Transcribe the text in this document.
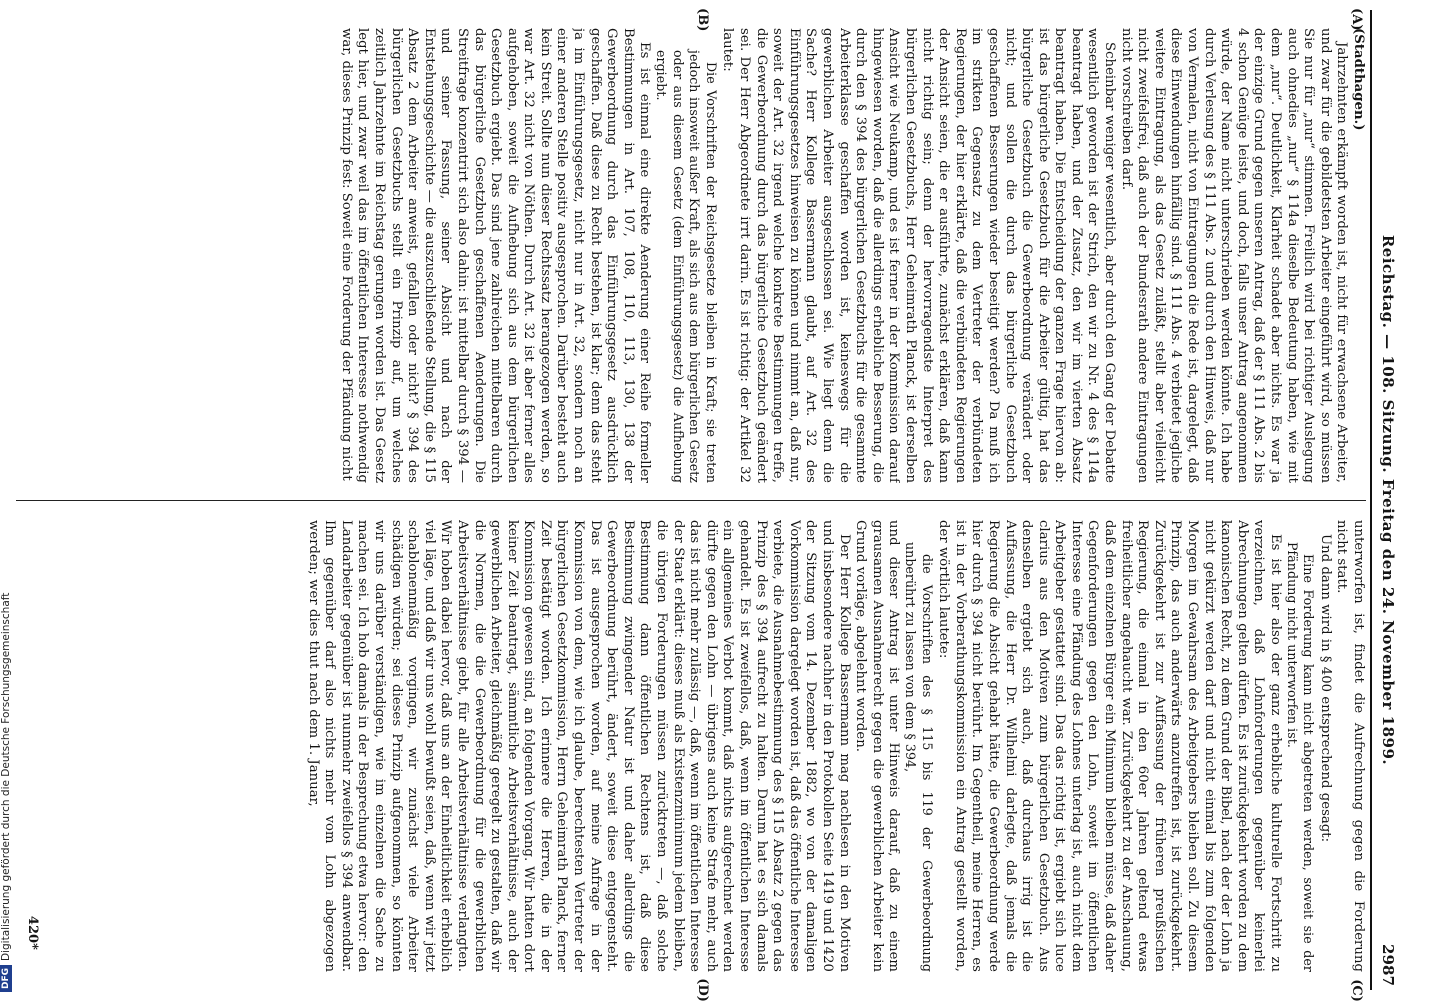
Reichstag. — 108. Sitzung. Freitag den 24. November 1899.
2987

(Stadthagen.)

Jahrzehnten erkämpft worden ist, nicht für erwachsene Arbeiter, und zwar für die gebildetsten Arbeiter eingeführt wird, so müssen Sie nur für „nur“ stimmen. Freilich wird bei richtiger Auslegung auch ohnedies „nur“ § 114a dieselbe Bedeutung haben, wie mit dem „nur“. Deutlichkeit, Klarheit schadet aber nichts. Es war ja der einzige Grund gegen unseren Antrag, daß der § 111 Abs. 2 bis 4 schon Genüge leiste, und doch, falls unser Antrag angenommen würde, der Name nicht unterschrieben werden könnte. Ich habe durch Verlesung des § 111 Abs. 2 und durch den Hinweis, daß nur von Vermalen, nicht von Eintragungen die Rede ist, dargelegt, daß diese Einwendungen hinfällig sind. § 111 Abs. 4 verbietet jegliche weitere Eintragung, als das Gesetz zuläßt, stellt aber vielleicht nicht zweifelsfrei, daß auch der Bundesrath andere Eintragungen nicht vorschreiben darf.

Scheinbar weniger wesentlich, aber durch den Gang der Debatte wesentlich geworden ist der Strich, den wir zu Nr. 4 des § 114a beantragt haben, und der Zusatz, den wir im vierten Absatz beantragt haben. Die Entscheidung der ganzen Frage hiervon ab: ist das bürgerliche Gesetzbuch für die Arbeiter gültig, hat das bürgerliche Gesetzbuch die Gewerbeordnung verändert oder nicht; und sollen die durch das bürgerliche Gesetzbuch geschaffenen Besserungen wieder beseitigt werden? Da muß ich im strikten Gegensatz zu dem Vertreter der verbündeten Regierungen, der hier erklärte, daß die verbündeten Regierungen der Ansicht seien, die er ausführte, zunächst erklären, daß kann nicht richtig sein; denn der hervorragendste Interpret des bürgerlichen Gesetzbuchs, Herr Geheimrath Planck, ist derselben Ansicht wie Neukamp, und es ist ferner in der Kommission darauf hingewiesen worden, daß die allerdings erhebliche Besserung, die durch den § 394 des bürgerlichen Gesetzbuchs für die gesammte Arbeiterklasse geschaffen worden ist, keineswegs für die gewerblichen Arbeiter ausgeschlossen sei. Wie liegt denn die Sache? Herr Kollege Bassermann glaubt, auf Art. 32 des Einführungsgesetzes hinweisen zu können und nimmt an, daß nur, soweit der Art. 32 irgend welche konkrete Bestimmungen treffe, die Gewerbeordnung durch das bürgerliche Gesetzbuch geändert sei. Der Herr Abgeordnete irrt darin. Es ist richtig: der Artikel 32 lautet:

Die Vorschriften der Reichsgesetze bleiben in Kraft; sie treten jedoch insoweit außer Kraft, als sich aus dem bürgerlichen Gesetz oder aus diesem Gesetz (dem Einführungsgesetz) die Aufhebung ergiebt.

Es ist einmal eine direkte Aenderung einer Reihe formeller Bestimmungen in Art. 107, 108, 110, 113, 130, 138 der Gewerbeordnung durch das Einführungsgesetz ausdrücklich geschaffen. Daß diese zu Recht bestehen, ist klar; denn das steht ja im Einführungsgesetz, nicht nur in Art. 32, sondern noch an einer anderen Stelle positiv ausgesprochen. Darüber besteht auch kein Streit. Sollte nun dieser Rechtssatz herangezogen werden, so war Art. 32 nicht von Nöthen. Durch Art. 32 ist aber ferner alles aufgehoben, soweit die Aufhebung sich aus dem bürgerlichen Gesetzbuch ergiebt. Das sind jene zahlreichen mittelbaren durch das bürgerliche Gesetzbuch geschaffenen Aenderungen. Die Streitfrage konzentrirt sich also dahin: ist mittelbar durch § 394 — und seiner Fassung, seiner Absicht und nach der Entstehungsgeschichte — die auszuschließende Stellung, die § 115 Absatz 2 dem Arbeiter anweist, gefallen oder nicht? § 394 des bürgerlichen Gesetzbuchs stellt ein Prinzip auf, um welches zeitlich Jahrzehnte im Reichstag gerungen worden ist. Das Gesetz legt hier, und zwar weil das im öffentlichen Interesse nothwendig war, dieses Prinzip fest: Soweit eine Forderung der Pfändung nicht

unterworfen ist, findet die Aufrechnung gegen die Forderung nicht statt.

Und dann wird in § 400 entsprechend gesagt:

Eine Forderung kann nicht abgetreten werden, soweit sie der Pfändung nicht unterworfen ist.

Es ist hier also der ganz erhebliche kulturelle Fortschritt zu verzeichnen, daß Lohnforderungen gegenüber keinerlei Abrechnungen gelten dürfen. Es ist zurückgekehrt worden zu dem kanonischen Recht, zu dem Grund der Bibel, nach der der Lohn ja nicht gekürzt werden darf und nicht einmal bis zum folgenden Morgen im Gewahrsam des Arbeitgebers bleiben soll. Zu diesem Prinzip, das auch anderwärts anzutreffen ist, ist zurückgekehrt. Zurückgekehrt ist zur Auffassung der früheren preußischen Regierung, die einmal in den 60er Jahren geltend etwas freiheitlicher angehaucht war. Zurückgekehrt zu der Anschauung, daß dem einzelnen Bürger ein Minimum bleiben müsse, daß daher Gegenforderungen gegen den Lohn, soweit im öffentlichen Interesse eine Pfändung des Lohnes unterlag ist, auch nicht dem Arbeitgeber gestattet sind. Das das richtig ist, ergiebt sich luce clarius aus den Motiven zum bürgerlichen Gesetzbuch. Aus denselben ergiebt sich auch, daß durchaus irrig ist die Auffassung, die Herr Dr. Wilhelmi darlegte, daß jemals die Regierung die Absicht gehabt hätte, die Gewerbeordnung werde hier durch § 394 nicht berührt. Im Gegentheil, meine Herren, es ist in der Vorberathungskommission ein Antrag gestellt worden, der wörtlich lautete:

die Vorschriften des § 115 bis 119 der Gewerbeordnung unberührt zu lassen von dem § 394,

und dieser Antrag ist unter Hinweis darauf, daß zu einem grausamen Ausnahmerecht gegen die gewerblichen Arbeiter kein Grund vorläge, abgelehnt worden.

Der Herr Kollege Bassermann mag nachlesen in den Motiven und insbesondere nachher in den Protokollen Seite 1419 und 1420 der Sitzung vom 14. Dezember 1882, wo von der damaligen Vorkommission dargelegt worden ist, daß das öffentliche Interesse verbiete, die Ausnahmebestimmung des § 115 Absatz 2 gegen das Prinzip des § 394 aufrecht zu halten. Darum hat es sich damals gehandelt. Es ist zweifellos, daß, wenn im öffentlichen Interesse ein allgemeines Verbot kommt, daß nichts aufgerechnet werden dürfte gegen den Lohn — übrigens auch keine Strafe mehr, auch das ist nicht mehr zulässig —, daß, wenn im öffentlichen Interesse der Staat erklärt: dieses muß als Existenzminimum jedem bleiben, die übrigen Forderungen müssen zurücktreten —, daß solche Bestimmung dann öffentlichen Rechtens ist, daß diese Bestimmung zwingender Natur ist und daher allerdings die Gewerbeordnung berührt, ändert, soweit diese entgegensteht. Das ist ausgesprochen worden, auf meine Anfrage in der Kommission von dem, wie ich glaube, berechtesten Vertreter der bürgerlichen Gesetzkommission, Herrn Geheimrath Planck, ferner Zeit bestätigt worden. Ich erinnere die Herren, die in der Kommission gewesen sind, an folgenden Vorgang. Wir hatten dort keiner Zeit beantragt, sämmtliche Arbeitsverhältnisse, auch der gewerblichen Arbeiter, gleichmäßig geregelt zu gestalten, daß wir die Normen, die die Gewerbeordnung für die gewerblichen Arbeitsverhältnisse giebt, für alle Arbeitsverhältnisse verlangten. Wir hoben dabei hervor, daß uns an der Einheitlichkeit erheblich viel läge, und daß wir uns wohl bewußt seien, daß, wenn wir jetzt schablonenmäßig vorgingen, wir zunächst viele Arbeiter schädigen würden; sei dieses Prinzip aufgenommen, so könnten wir uns darüber verständigen, wie im einzelnen die Sache zu machen sei. Ich hob damals in der Besprechung etwa hervor: den Landarbeiter gegenüber ist nunmehr zweifellos § 394 anwendbar. Ihm gegenüber darf also nichts mehr vom Lohn abgezogen werden; wer dies thut nach dem 1. Januar,

(A)
(B)
(C)
(D)
420*
DFG
Digitalisierung gefördert durch die Deutsche Forschungsgemeinschaft
